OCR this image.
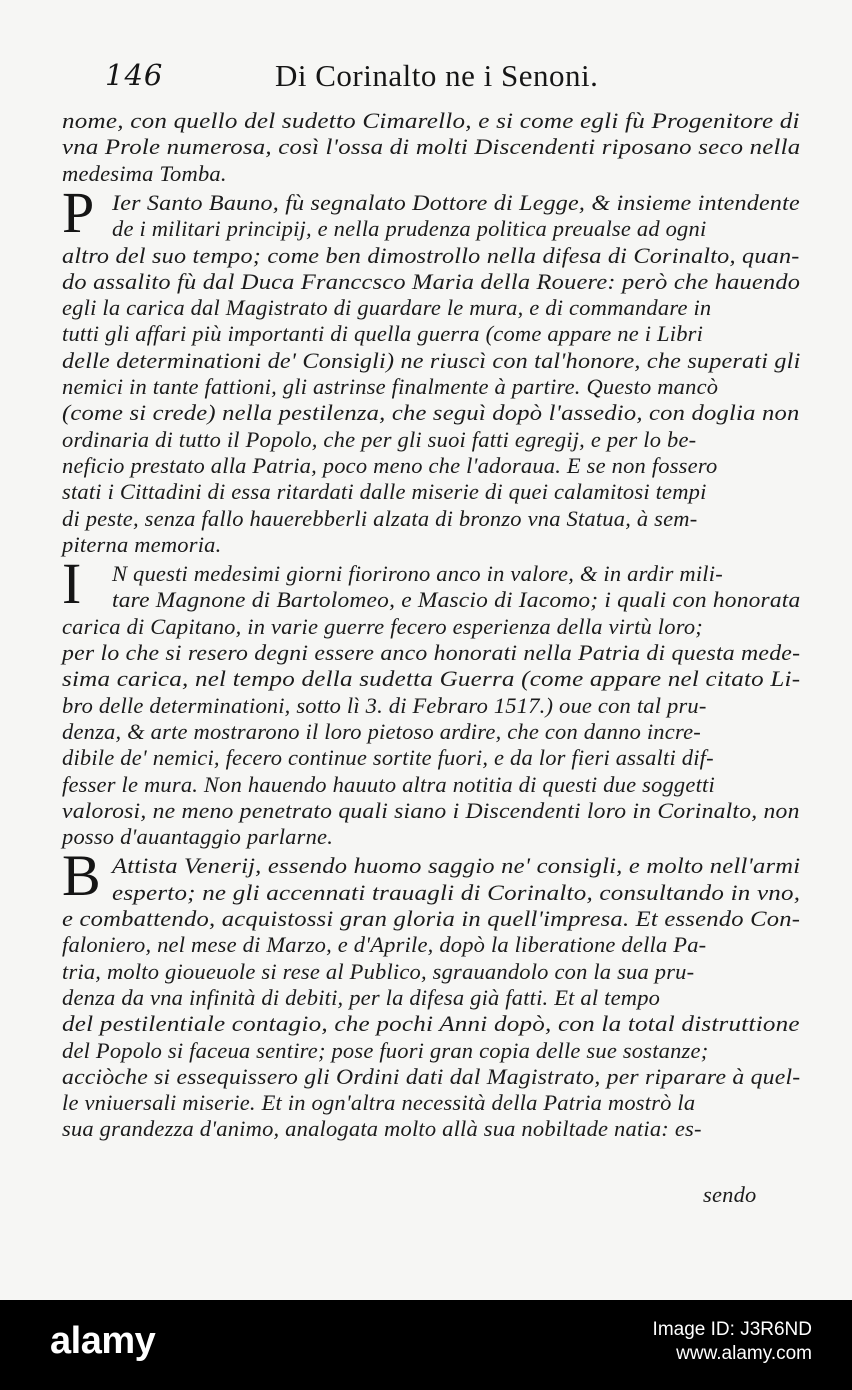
146	Di Corinalto ne i Senoni.
nome, con quello del sudetto Cimarello, e si come egli fù Progenitore di
vna Prole numerosa, così l'ossa di molti Discendenti riposano seco nella
medesima Tomba.
P Ier Santo Bauno, fù segnalato Dottore di Legge, & insieme intendente
de i militari principij, e nella prudenza politica preualse ad ogni
altro del suo tempo; come ben dimostrollo nella difesa di Corinalto, quan-
do assalito fù dal Duca Franccsco Maria della Rouere: però che hauendo
egli la carica dal Magistrato di guardare le mura, e di commandare in
tutti gli affari più importanti di quella guerra (come appare ne i Libri
delle determinationi de' Consigli) ne riuscì con tal'honore, che superati gli
nemici in tante fattioni, gli astrinse finalmente à partire. Questo mancò
(come si crede) nella pestilenza, che seguì dopò l'assedio, con doglia non
ordinaria di tutto il Popolo, che per gli suoi fatti egregij, e per lo be-
neficio prestato alla Patria, poco meno che l'adoraua. E se non fossero
stati i Cittadini di essa ritardati dalle miserie di quei calamitosi tempi
di peste, senza fallo hauerebberli alzata di bronzo vna Statua, à sem-
piterna memoria.
I N questi medesimi giorni fiorirono anco in valore, & in ardir mili-
tare Magnone di Bartolomeo, e Mascio di Iacomo; i quali con honorata
carica di Capitano, in varie guerre fecero esperienza della virtù loro;
per lo che si resero degni essere anco honorati nella Patria di questa mede-
sima carica, nel tempo della sudetta Guerra (come appare nel citato Li-
bro delle determinationi, sotto lì 3. di Febraro 1517.) oue con tal pru-
denza, & arte mostrarono il loro pietoso ardire, che con danno incre-
dibile de' nemici, fecero continue sortite fuori, e da lor fieri assalti dif-
fesser le mura. Non hauendo hauuto altra notitia di questi due soggetti
valorosi, ne meno penetrato quali siano i Discendenti loro in Corinalto, non
posso d'auantaggio parlarne.
B Attista Venerij, essendo huomo saggio ne' consigli, e molto nell'armi
esperto; ne gli accennati trauagli di Corinalto, consultando in vno,
e combattendo, acquistossi gran gloria in quell'impresa. Et essendo Con-
faloniero, nel mese di Marzo, e d'Aprile, dopò la liberatione della Pa-
tria, molto gioueuole si rese al Publico, sgrauandolo con la sua pru-
denza da vna infinità di debiti, per la difesa già fatti. Et al tempo
del pestilentiale contagio, che pochi Anni dopò, con la total distruttione
del Popolo si faceua sentire; pose fuori gran copia delle sue sostanze;
acciòche si essequissero gli Ordini dati dal Magistrato, per riparare à quel-
le vniuersali miserie. Et in ogn'altra necessità della Patria mostrò la
sua grandezza d'animo, analogata molto allà sua nobiltade natia: es-
sendo
alamy	Image ID: J3R6ND
www.alamy.com
